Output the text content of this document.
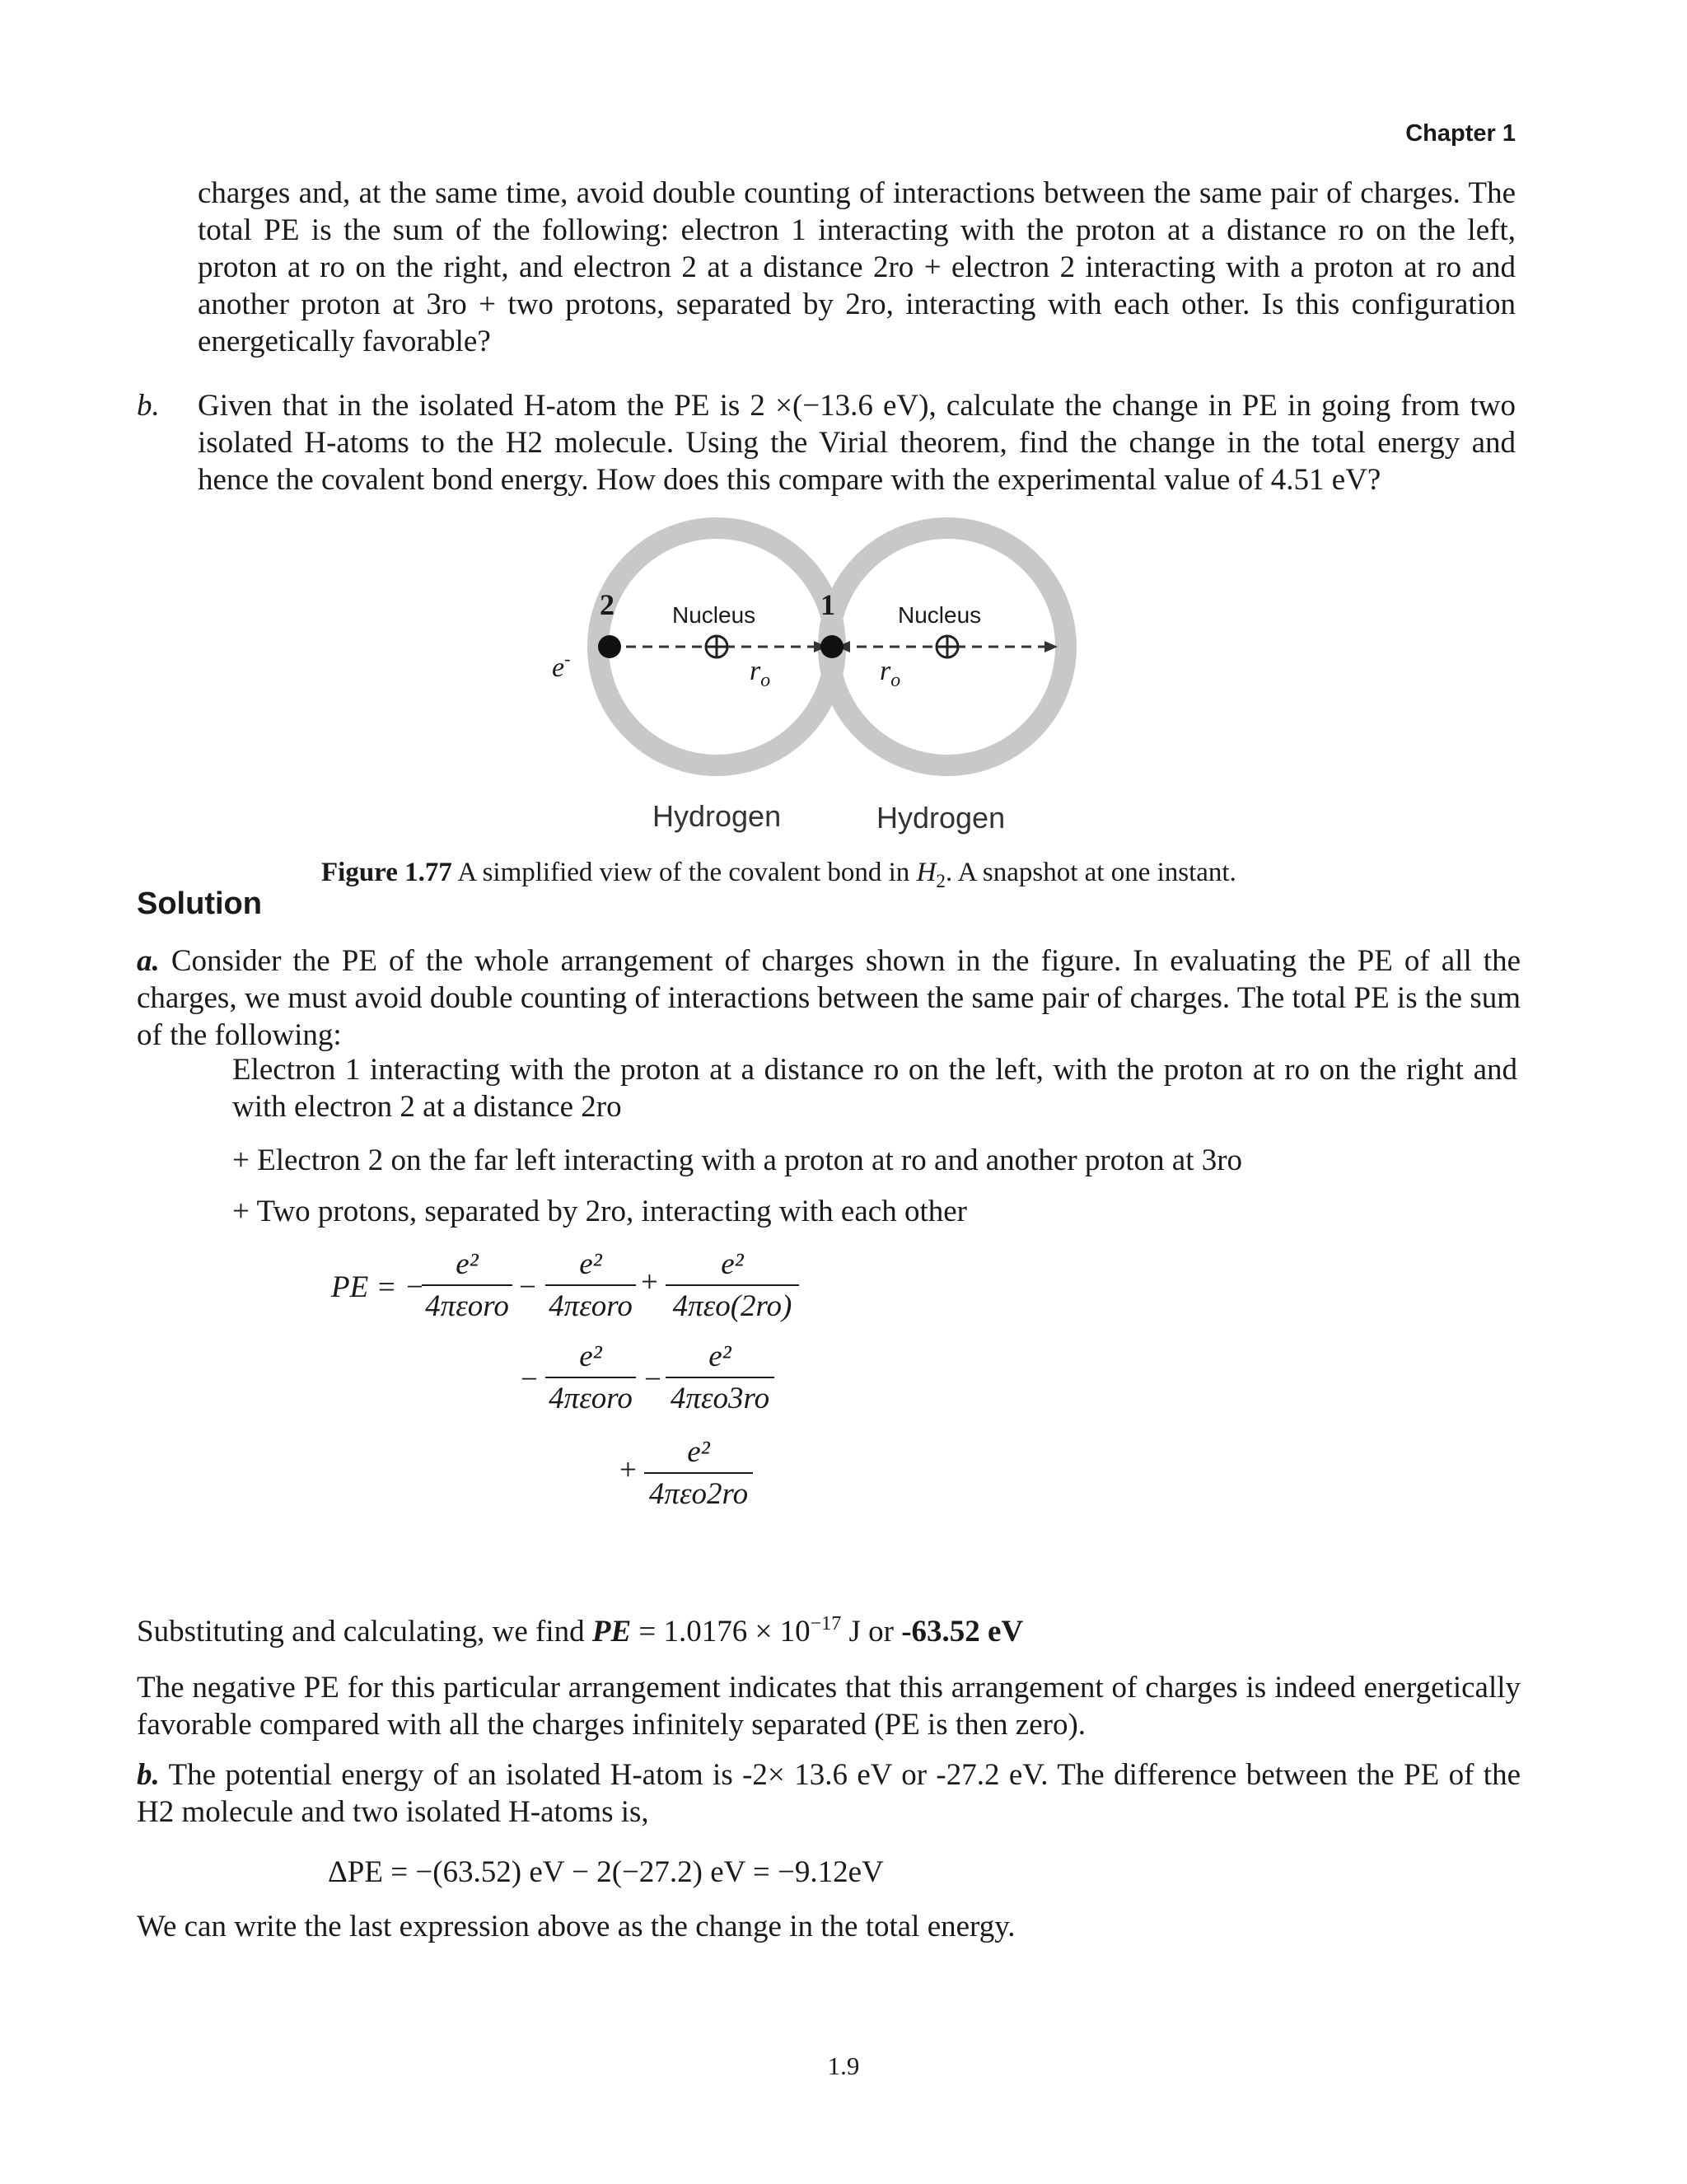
Chapter 1

charges and, at the same time, avoid double counting of interactions between the same pair of charges. The total PE is the sum of the following: electron 1 interacting with the proton at a distance ro on the left, proton at ro on the right, and electron 2 at a distance 2ro + electron 2 interacting with a proton at ro and another proton at 3ro + two protons, separated by 2ro, interacting with each other. Is this configuration energetically favorable?

b. Given that in the isolated H-atom the PE is 2 ×(−13.6 eV), calculate the change in PE in going from two isolated H-atoms to the H2 molecule. Using the Virial theorem, find the change in the total energy and hence the covalent bond energy. How does this compare with the experimental value of 4.51 eV?

2	1
Nucleus	Nucleus
e-	$r_o$	$r_o$
Hydrogen	Hydrogen
Figure 1.77 A simplified view of the covalent bond in $H_2$. A snapshot at one instant.
Solution

a. Consider the PE of the whole arrangement of charges shown in the figure. In evaluating the PE of all the charges, we must avoid double counting of interactions between the same pair of charges. The total PE is the sum of the following:

Electron 1 interacting with the proton at a distance ro on the left, with the proton at ro on the right and with electron 2 at a distance 2ro

+ Electron 2 on the far left interacting with a proton at ro and another proton at 3ro

+ Two protons, separated by 2ro, interacting with each other

PE = −
e²
4πεoro
−
e²
4πεoro
+
e²
4πεo(2ro)
−
e²
4πεoro
−
e²
4πεo3ro
+
e²
4πεo2ro

Substituting and calculating, we find PE = $1.0176 \times 10^{-17}$ J or -63.52 eV

The negative PE for this particular arrangement indicates that this arrangement of charges is indeed energetically favorable compared with all the charges infinitely separated (PE is then zero).

b. The potential energy of an isolated H-atom is -2× 13.6 eV or -27.2 eV. The difference between the PE of the H2 molecule and two isolated H-atoms is,

ΔPE = −(63.52) eV − 2(−27.2) eV = −9.12eV

We can write the last expression above as the change in the total energy.

1.9
